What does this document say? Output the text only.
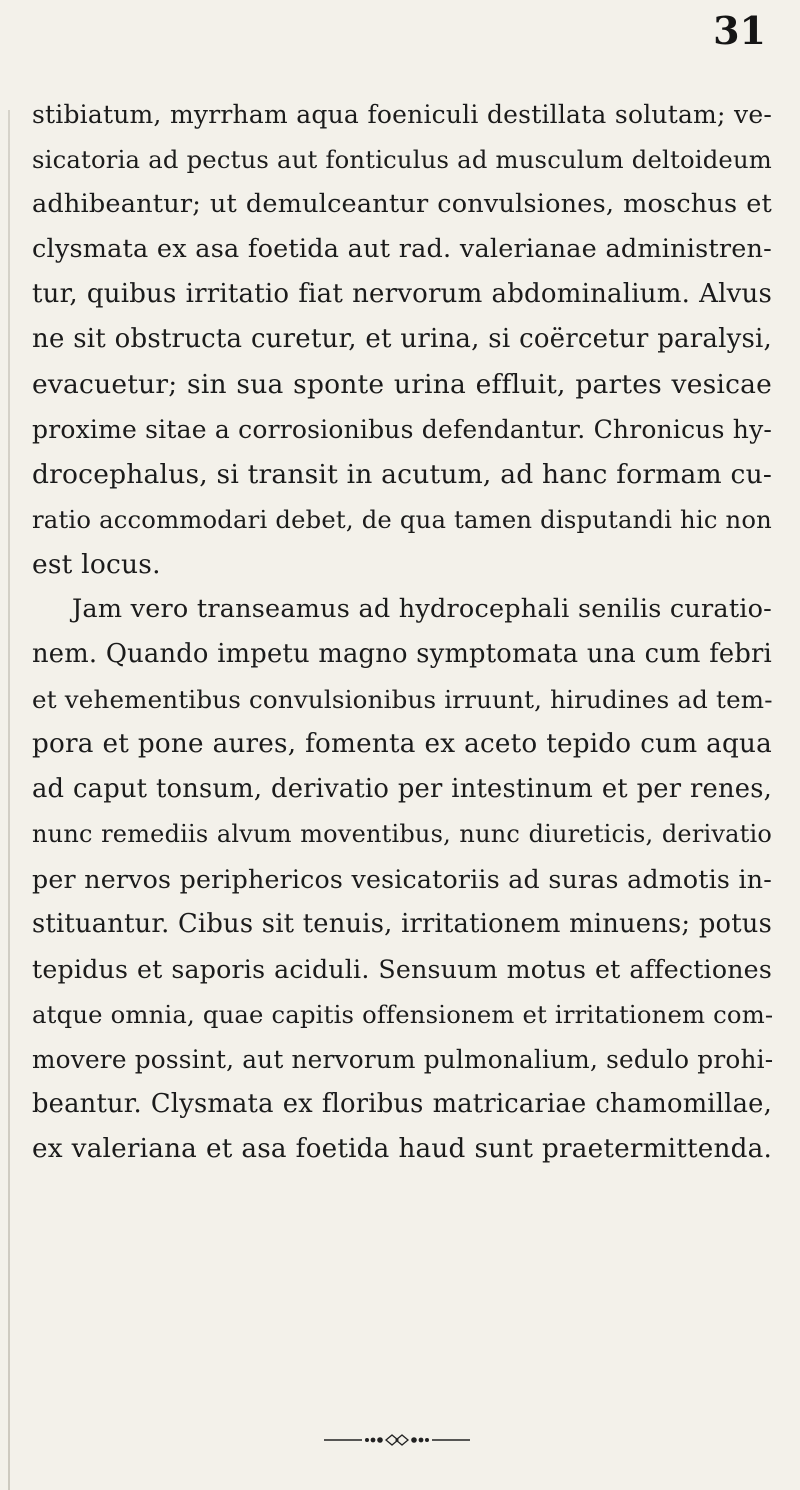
31
stibiatum, myrrham aqua foeniculi destillata solutam; ve-
sicatoria ad pectus aut fonticulus ad musculum deltoideum
adhibeantur; ut demulceantur convulsiones, moschus et
clysmata ex asa foetida aut rad. valerianae administren-
tur, quibus irritatio fiat nervorum abdominalium. Alvus
ne sit obstructa curetur, et urina, si coërcetur paralysi,
evacuetur; sin sua sponte urina effluit, partes vesicae
proxime sitae a corrosionibus defendantur. Chronicus hy-
drocephalus, si transit in acutum, ad hanc formam cu-
ratio accommodari debet, de qua tamen disputandi hic non
est locus.
Jam vero transeamus ad hydrocephali senilis curatio-
nem. Quando impetu magno symptomata una cum febri
et vehementibus convulsionibus irruunt, hirudines ad tem-
pora et pone aures, fomenta ex aceto tepido cum aqua
ad caput tonsum, derivatio per intestinum et per renes,
nunc remediis alvum moventibus, nunc diureticis, derivatio
per nervos periphericos vesicatoriis ad suras admotis in-
stituantur. Cibus sit tenuis, irritationem minuens; potus
tepidus et saporis aciduli. Sensuum motus et affectiones
atque omnia, quae capitis offensionem et irritationem com-
movere possint, aut nervorum pulmonalium, sedulo prohi-
beantur. Clysmata ex floribus matricariae chamomillae,
ex valeriana et asa foetida haud sunt praetermittenda.
